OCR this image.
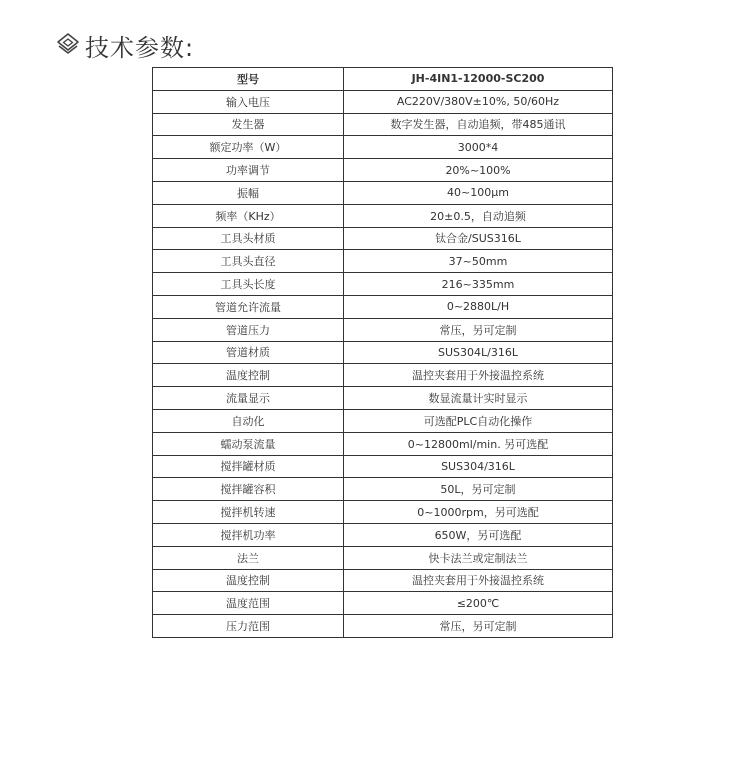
技术参数:
型号	JH-4IN1-12000-SC200
输入电压	AC220V/380V±10%, 50/60Hz
发生器	数字发生器，自动追频，带485通讯
额定功率（W）	3000*4
功率调节	20%~100%
振幅	40~100μm
频率（KHz）	20±0.5，自动追频
工具头材质	钛合金/SUS316L
工具头直径	37~50mm
工具头长度	216~335mm
管道允许流量	0~2880L/H
管道压力	常压，另可定制
管道材质	SUS304L/316L
温度控制	温控夹套用于外接温控系统
流量显示	数显流量计实时显示
自动化	可选配PLC自动化操作
蠕动泵流量	0~12800ml/min. 另可选配
搅拌罐材质	SUS304/316L
搅拌罐容积	50L，另可定制
搅拌机转速	0~1000rpm，另可选配
搅拌机功率	650W，另可选配
法兰	快卡法兰或定制法兰
温度控制	温控夹套用于外接温控系统
温度范围	≤200℃
压力范围	常压，另可定制
